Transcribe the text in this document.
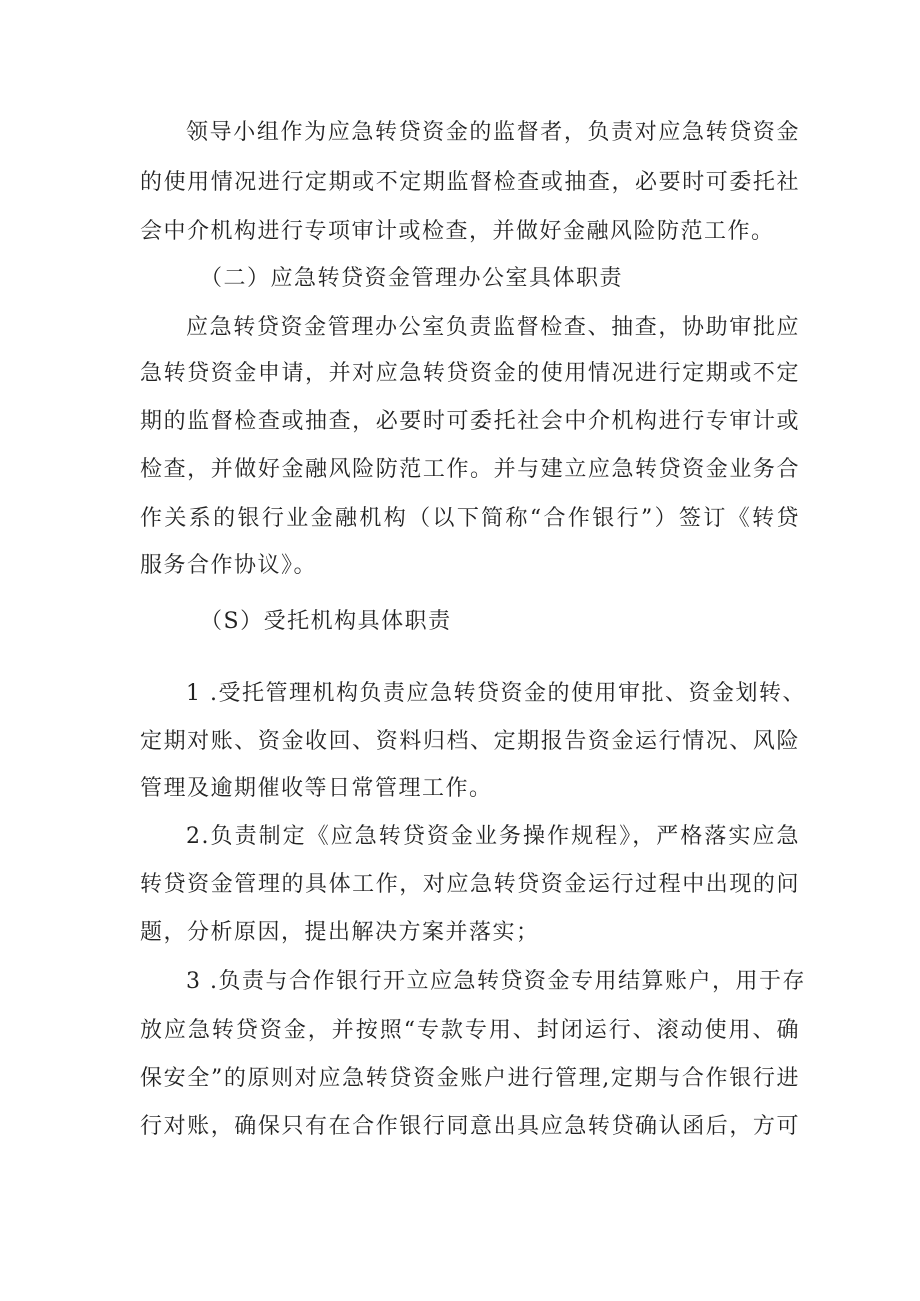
领导小组作为应急转贷资金的监督者，负责对应急转贷资金
的使用情况进行定期或不定期监督检查或抽查，必要时可委托社
会中介机构进行专项审计或检查，并做好金融风险防范工作。
（二）应急转贷资金管理办公室具体职责
应急转贷资金管理办公室负责监督检查、抽查，协助审批应
急转贷资金申请，并对应急转贷资金的使用情况进行定期或不定
期的监督检查或抽查，必要时可委托社会中介机构进行专审计或
检查，并做好金融风险防范工作。并与建立应急转贷资金业务合
作关系的银行业金融机构（以下简称“合作银行”）签订《转贷
服务合作协议》。
（S）受托机构具体职责
1 .受托管理机构负责应急转贷资金的使用审批、资金划转、
定期对账、资金收回、资料归档、定期报告资金运行情况、风险
管理及逾期催收等日常管理工作。
2.负责制定《应急转贷资金业务操作规程》，严格落实应急
转贷资金管理的具体工作，对应急转贷资金运行过程中出现的问
题，分析原因，提出解决方案并落实；
3 .负责与合作银行开立应急转贷资金专用结算账户，用于存
放应急转贷资金，并按照“专款专用、封闭运行、滚动使用、确
保安全”的原则对应急转贷资金账户进行管理,定期与合作银行进
行对账，确保只有在合作银行同意出具应急转贷确认函后，方可
